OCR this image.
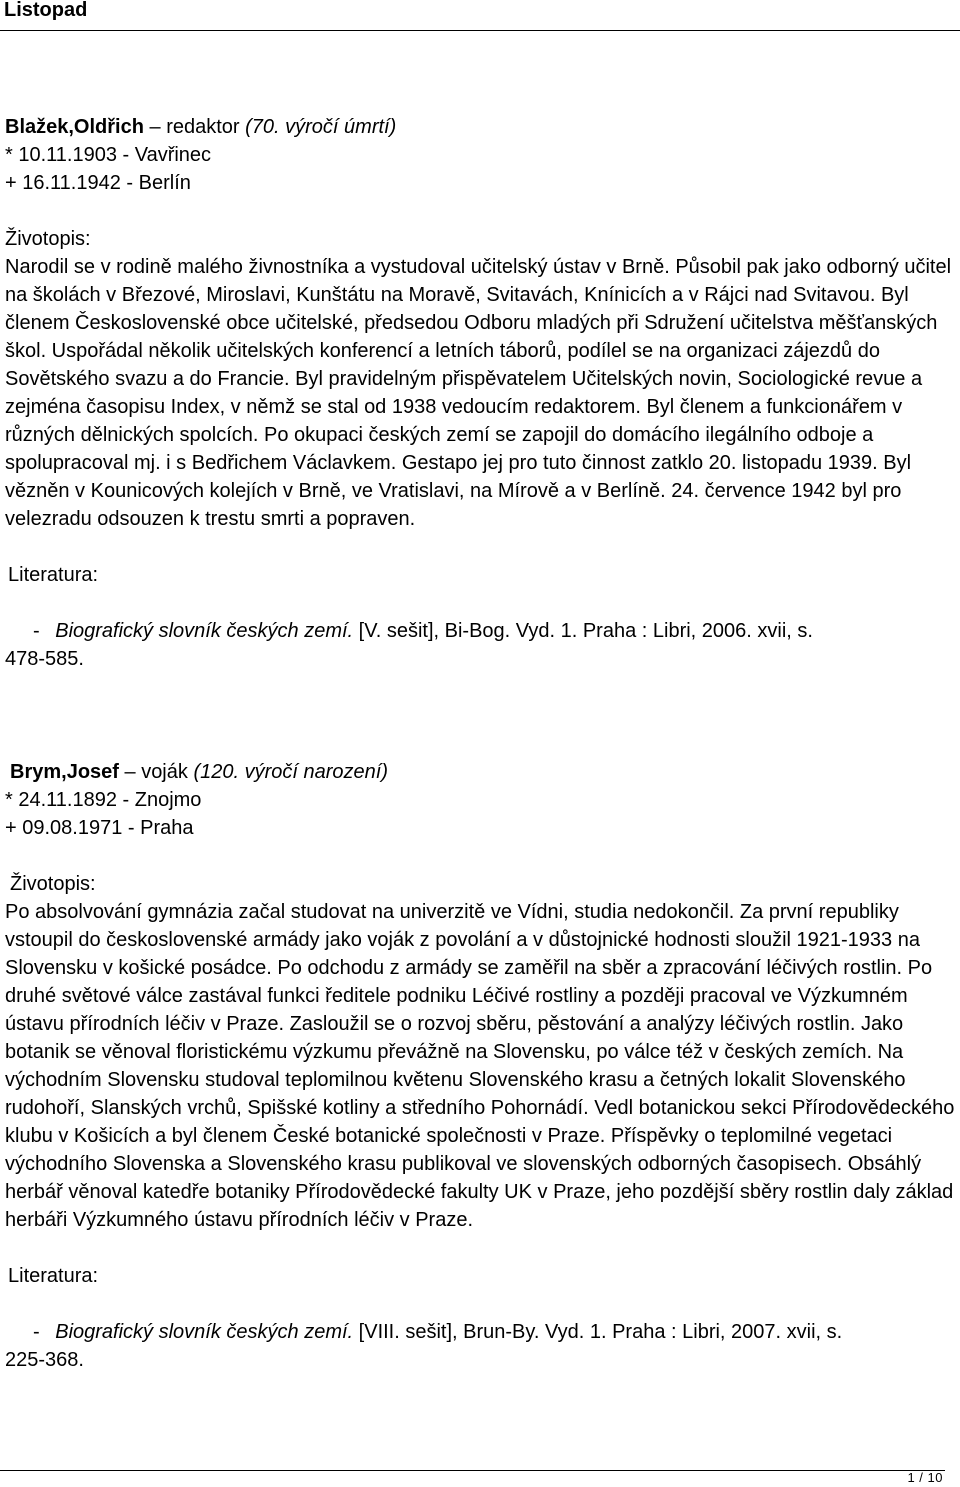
Listopad
Blažek,Oldřich – redaktor (70. výročí úmrtí)
* 10.11.1903 - Vavřinec
+ 16.11.1942 - Berlín
Životopis:

Narodil se v rodině malého živnostníka a vystudoval učitelský ústav v Brně. Působil pak jako odborný učitel na školách v Březové, Miroslavi, Kunštátu na Moravě, Svitavách, Knínicích a v Rájci nad Svitavou. Byl členem Československé obce učitelské, předsedou Odboru mladých při Sdružení učitelstva měšťanských škol. Uspořádal několik učitelských konferencí a letních táborů, podílel se na organizaci zájezdů do Sovětského svazu a do Francie. Byl pravidelným přispěvatelem Učitelských novin, Sociologické revue a zejména časopisu Index, v němž se stal od 1938 vedoucím redaktorem. Byl členem a funkcionářem v různých dělnických spolcích. Po okupaci českých zemí se zapojil do domácího ilegálního odboje a spolupracoval mj. i s Bedřichem Václavkem. Gestapo jej pro tuto činnost zatklo 20. listopadu 1939. Byl vězněn v Kounicových kolejích v Brně, ve Vratislavi, na Mírově a v Berlíně. 24. července 1942 byl pro velezradu odsouzen k trestu smrti a popraven.

Literatura:
- Biografický slovník českých zemí. [V. sešit], Bi-Bog. Vyd. 1. Praha : Libri, 2006. xvii, s.
478-585.
Brym,Josef – voják (120. výročí narození)
* 24.11.1892 - Znojmo
+ 09.08.1971 - Praha
Životopis:

Po absolvování gymnázia začal studovat na univerzitě ve Vídni, studia nedokončil. Za první republiky vstoupil do československé armády jako voják z povolání a v důstojnické hodnosti sloužil 1921-1933 na Slovensku v košické posádce. Po odchodu z armády se zaměřil na sběr a zpracování léčivých rostlin. Po druhé světové válce zastával funkci ředitele podniku Léčivé rostliny a později pracoval ve Výzkumném ústavu přírodních léčiv v Praze. Zasloužil se o rozvoj sběru, pěstování a analýzy léčivých rostlin. Jako botanik se věnoval floristickému výzkumu převážně na Slovensku, po válce též v českých zemích. Na východním Slovensku studoval teplomilnou květenu Slovenského krasu a četných lokalit Slovenského rudohoří, Slanských vrchů, Spišské kotliny a středního Pohornádí. Vedl botanickou sekci Přírodovědeckého klubu v Košicích a byl členem České botanické společnosti v Praze. Příspěvky o teplomilné vegetaci východního Slovenska a Slovenského krasu publikoval ve slovenských odborných časopisech. Obsáhlý herbář věnoval katedře botaniky Přírodovědecké fakulty UK v Praze, jeho pozdější sběry rostlin daly základ herbáři Výzkumného ústavu přírodních léčiv v Praze.

Literatura:
- Biografický slovník českých zemí. [VIII. sešit], Brun-By. Vyd. 1. Praha : Libri, 2007. xvii, s.
225-368.
1 / 10
